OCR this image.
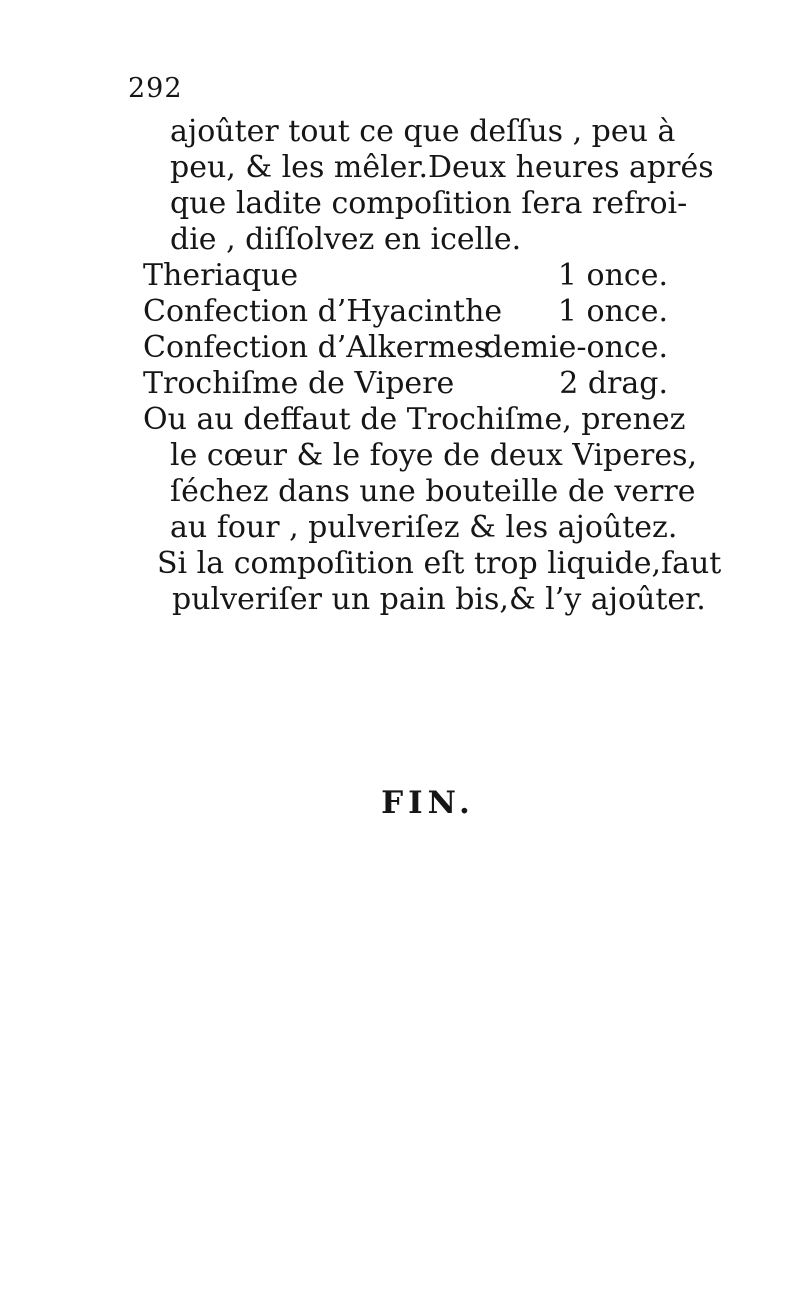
292
ajoûter tout ce que deſſus , peu à
peu, & les mêler.Deux heures aprés
que ladite compoſition ſera refroi-
die , diſſolvez en icelle.
Theriaque	1 once.
Confection d’Hyacinthe 1 once.
Confection d’Alkermes
demie-once.
Trochiſme de Vipere	2 drag.
Ou au deffaut de Trochiſme, prenez
le cœur & le foye de deux Viperes,
ſéchez dans une bouteille de verre
au four , pulveriſez & les ajoûtez.
Si la compoſition eſt trop liquide,faut
pulveriſer un pain bis,& l’y ajoûter.
FIN.
